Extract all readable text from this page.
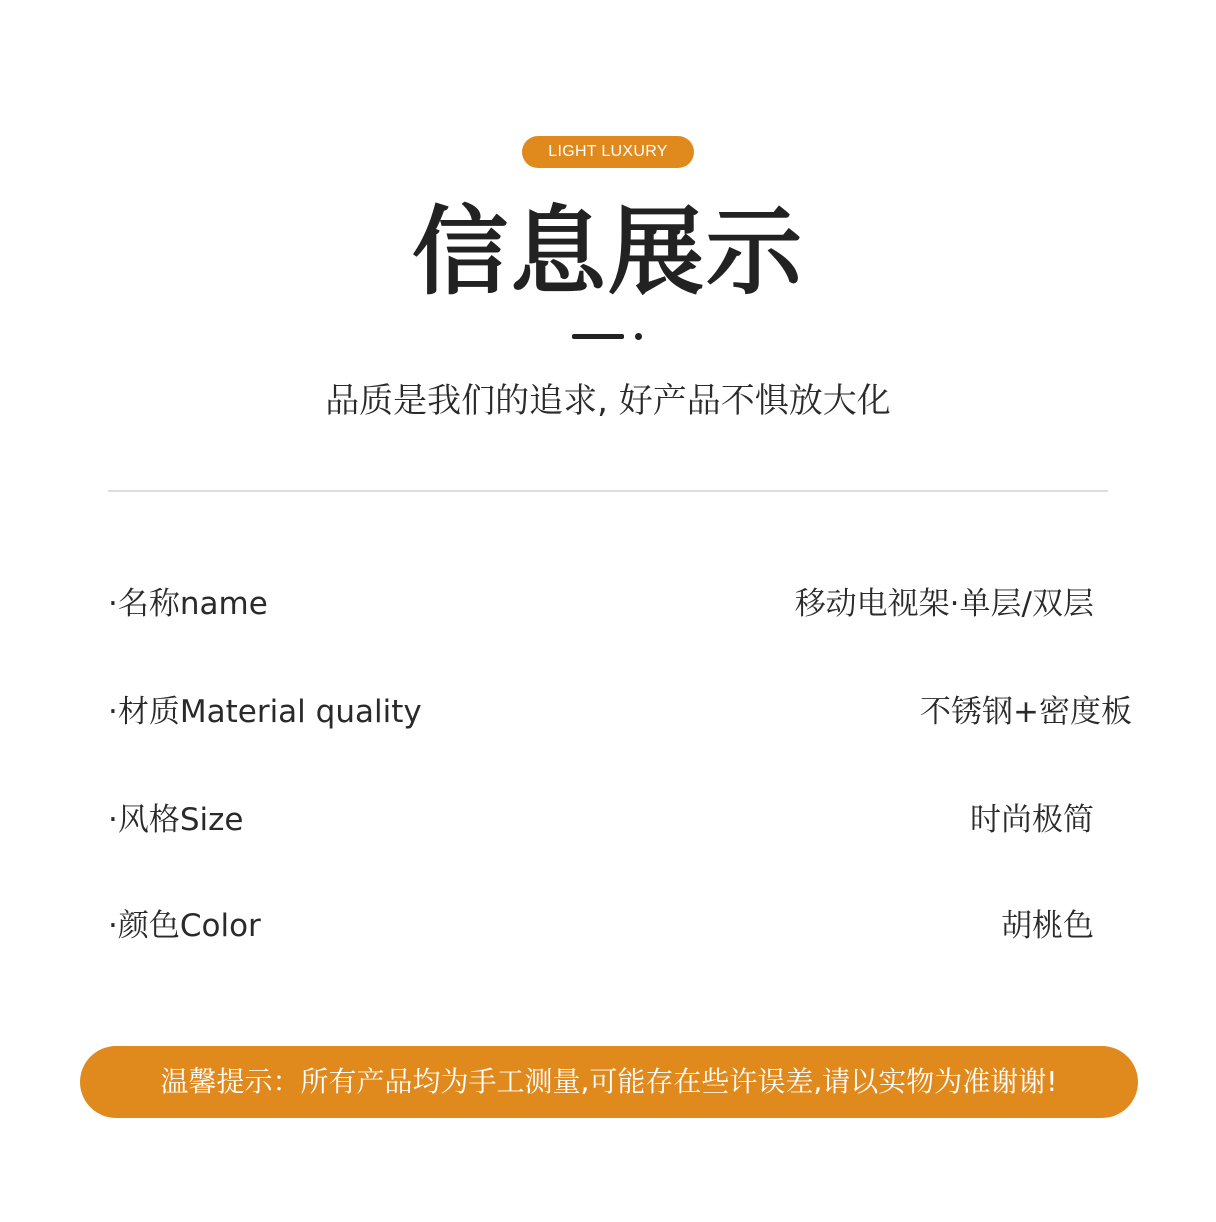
LIGHT LUXURY
信息展示
品质是我们的追求, 好产品不惧放大化
·名称name	移动电视架·单层/双层
·材质Material quality	不锈钢+密度板
·风格Size	时尚极简
·颜色Color	胡桃色
温馨提示：所有产品均为手工测量,可能存在些许误差,请以实物为准谢谢!
